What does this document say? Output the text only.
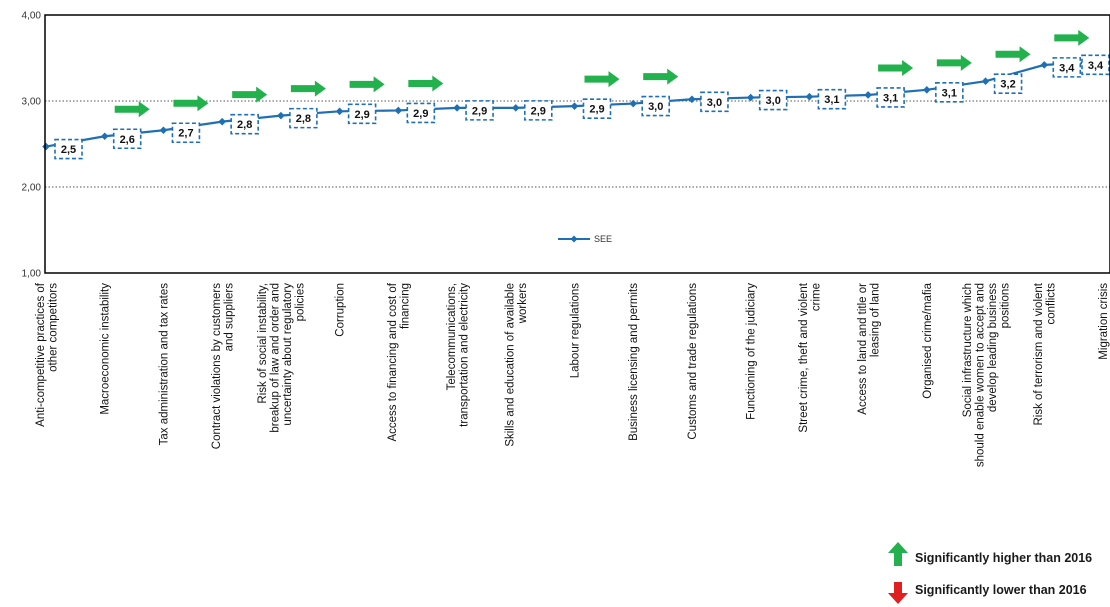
1,00
2,00
3,00
4,00
2,5
2,6
2,7
2,8
2,8	2,9	2,9	2,9	2,9	2,9	3,0	3,0	3,0	3,1	3,1	3,1
3,2
3,4 3,4
SEE
Anti-competitive practices ofother competitors	Macroeconomic instability	Tax administration and tax rates	Contract violations by customersand suppliers Risk of social instability,breakup of law and order anduncertainty about regulatorypolicies Corruption	Access to financing and cost offinancing	Telecommunications,transportation and electricity	Skills and education of availableworkers	Labour regulations	Business licensing and permits	Customs and trade regulations	Functioning of the judiciary	Street crime, theft and violentcrime	Access to land and title orleasing of land	Organised crime/mafia Social infrastructure whichshould enable women to accept anddevelop leading businesspositions Risk of terrorism and violentconflicts	Migration crisis
Significantly higher than 2016
Significantly lower than 2016
